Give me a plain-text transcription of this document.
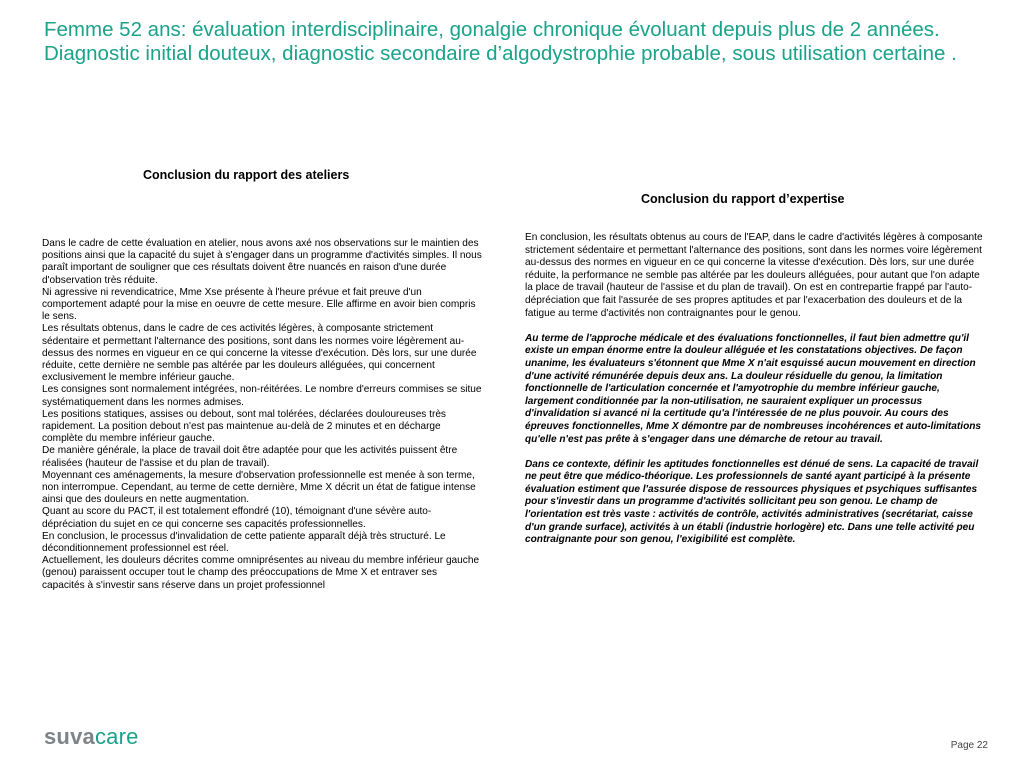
Femme 52 ans: évaluation interdisciplinaire, gonalgie chronique évoluant depuis plus de 2 années.
Diagnostic initial douteux, diagnostic secondaire d’algodystrophie probable, sous utilisation certaine .
Conclusion du rapport des ateliers
Conclusion du rapport d’expertise

Dans le cadre de cette évaluation en atelier, nous avons axé nos observations sur le maintien des positions ainsi que la capacité du sujet à s'engager dans un programme d'activités simples. Il nous paraît important de souligner que ces résultats doivent être nuancés en raison d'une durée d'observation très réduite.

Ni agressive ni revendicatrice, Mme Xse présente à l'heure prévue et fait preuve d'un comportement adapté pour la mise en oeuvre de cette mesure. Elle affirme en avoir bien compris le sens.

Les résultats obtenus, dans le cadre de ces activités légères, à composante strictement sédentaire et permettant l'alternance des positions, sont dans les normes voire légèrement au-dessus des normes en vigueur en ce qui concerne la vitesse d'exécution. Dès lors, sur une durée réduite, cette dernière ne semble pas altérée par les douleurs alléguées, qui concernent exclusivement le membre inférieur gauche.

Les consignes sont normalement intégrées, non-réitérées. Le nombre d'erreurs commises se situe systématiquement dans les normes admises.

Les positions statiques, assises ou debout, sont mal tolérées, déclarées douloureuses très rapidement. La position debout n'est pas maintenue au-delà de 2 minutes et en décharge complète du membre inférieur gauche.

De manière générale, la place de travail doit être adaptée pour que les activités puissent être réalisées (hauteur de l'assise et du plan de travail).

Moyennant ces aménagements, la mesure d'observation professionnelle est menée à son terme, non interrompue. Cependant, au terme de cette dernière, Mme X décrit un état de fatigue intense ainsi que des douleurs en nette augmentation.

Quant au score du PACT, il est totalement effondré (10), témoignant d'une sévère auto-dépréciation du sujet en ce qui concerne ses capacités professionnelles.

En conclusion, le processus d'invalidation de cette patiente apparaît déjà très structuré. Le déconditionnement professionnel est réel.

Actuellement, les douleurs décrites comme omniprésentes au niveau du membre inférieur gauche (genou) paraissent occuper tout le champ des préoccupations de Mme X et entraver ses capacités à s'investir sans réserve dans un projet professionnel

En conclusion, les résultats obtenus au cours de l'EAP, dans le cadre d'activités légères à composante strictement sédentaire et permettant l'alternance des positions, sont dans les normes voire légèrement au-dessus des normes en vigueur en ce qui concerne la vitesse d'exécution. Dès lors, sur une durée réduite, la performance ne semble pas altérée par les douleurs alléguées, pour autant que l'on adapte la place de travail (hauteur de l'assise et du plan de travail). On est en contrepartie frappé par l'auto-dépréciation que fait l'assurée de ses propres aptitudes et par l'exacerbation des douleurs et de la fatigue au terme d'activités non contraignantes pour le genou.

Au terme de l'approche médicale et des évaluations fonctionnelles, il faut bien admettre qu'il existe un empan énorme entre la douleur alléguée et les constatations objectives. De façon unanime, les évaluateurs s'étonnent que Mme X n'ait esquissé aucun mouvement en direction d'une activité rémunérée depuis deux ans. La douleur résiduelle du genou, la limitation fonctionnelle de l'articulation concernée et l'amyotrophie du membre inférieur gauche, largement conditionnée par la non-utilisation, ne sauraient expliquer un processus d'invalidation si avancé ni la certitude qu'a l'intéressée de ne plus pouvoir. Au cours des épreuves fonctionnelles, Mme X démontre par de nombreuses incohérences et auto-limitations qu'elle n'est pas prête à s'engager dans une démarche de retour au travail.

Dans ce contexte, définir les aptitudes fonctionnelles est dénué de sens. La capacité de travail ne peut être que médico-théorique. Les professionnels de santé ayant participé à la présente évaluation estiment que l'assurée dispose de ressources physiques et psychiques suffisantes pour s'investir dans un programme d'activités sollicitant peu son genou. Le champ de l'orientation est très vaste : activités de contrôle, activités administratives (secrétariat, caisse d'un grande surface), activités à un établi (industrie horlogère) etc. Dans une telle activité peu contraignante pour son genou, l'exigibilité est complète.

suvacare	Page 22
